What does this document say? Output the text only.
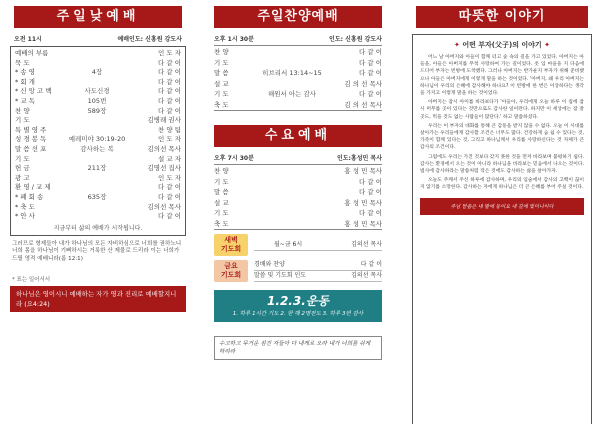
주일낮예배
오전 11시	예배인도: 신홍원 강도사
예배의 부름	인 도 자
묵 도	다 같 이
* 송 영	4장	다 같 이
* 회 개	다 같 이
* 신 앙 고 백	사도신경	다 같 이
* 교 독	105번	다 같 이
찬 양	589장	다 같 이
기 도	김병래 권사
특 별 영 주	찬 양 팀
성 경 봉 독	예레미야 30:19-20	인 도 자
말 씀 선 포	감사하는 복	김의선 목사
기 도	설 교 자
헌 금	211장	김명선 집사
광 고	인 도 자
환 영 / 교 제	다 같 이
* 폐 회 송	635장	다 같 이
* 축 도	김의선 목사
* 안 사	다 같 이
지금부터 삶의 예배가 시작됩니다.
그러므로 형제들아 내가 하나님의 모든 자비하심으로 너희를 권하노니 너희 몸을 하나님이 기뻐하시는 거룩한 산 제물로 드리라 이는 너희가 드릴 영적 예배니라(롬 12:1)
* 표는 일어서서
하나님은 영이시니 예배하는 자가 영과 진리로 예배할지니라 (요4:24)
주일찬양예배
오후 1시 30분	인도: 신홍원 강도사
찬 양	다 같 이
기 도	다 같 이
말 씀	히브리서 13:14~15	다 같 이
설 교	김 의 선 목사
기 도	해원서 아는 감사	다 같 이
축 도	김 의 선 목사
수요예배
오후 7시 30분	인도:홍성민 목사
찬 양	홍 성 민 목사
기 도	다 같 이
말 씀	다 같 이
설 교	홍 성 민 목사
기 도	다 같 이
축 도	홍 성 민 목사
새벽
기도회
월~금 6시	김의선 목사
금요
기도회
경배와 찬양	다 같 이
말씀 및 기도회 인도	김의선 목사
1.2.3.운동
1. 하루 1시간 기도 2. 한 해 2명전도 3. 하루 3번 감사
수고하고 무거운 짐진 자들아 다 내게로 오라 내가 너희를 쉬게 하리라
따뜻한 이야기
✦ 어떤 부자(父子)의 이야기 ✦

어느 날 아버지와 아들이 함께 터고 숲 속의 길을 가고 있었다. 아버지는 아들을, 아들은 아버지를 무척 사랑하여 가는 길이었다. 옷 입 마을을 지 다음에 드디어 부자는 빈방에 도착했다. 그러나 아버지는 반가운지 부자가 위해 준비했으나 아들은 아버지에게 이렇게 말을 하는 것이었다. '아버지, 왜 우리 아버지는 하나님이 우리의 은혜에 감사해야 하나요? 이 빈방에 한 번은 이상하다는 생각을 가지고 이렇게 말을 하는 것이었다.

아버지는 잠시 아이를 바라보다가 '아들아, 우리에게 오늘 하루 이 집에 잠시 머무를 곳이 있다는 것만으로도 감사한 일이란다. 하지만 이 세상에는 잠 잘 곳도, 먹을 것도 없는 사람들이 많단다.' 하고 말씀하셨다.

우리는 이 부자의 대화를 통해 큰 감동을 받지 않을 수 없다. 오늘 이 시대를 살아가는 우리들에게 감사할 조건은 너무도 많다. 건강하게 숨 쉴 수 있다는 것, 가족이 함께 있다는 것, 그리고 하나님께서 우리를 사랑하신다는 것 자체가 큰 감사의 조건이다.

그럼에도 우리는 가진 것보다 갖지 못한 것을 먼저 바라보며 불평하기 쉽다. 감사는 환경에서 오는 것이 아니라 하나님을 바라보는 믿음에서 나오는 것이다. 범사에 감사하라는 말씀처럼 작은 것에도 감사하는 삶을 살아가자.

오늘도 주께서 주신 하루에 감사하며, 우리의 입술에서 감사의 고백이 끊이지 않기를 소망한다. 감사하는 자에게 하나님은 더 큰 은혜를 부어 주실 것이다.

주님 말씀은 내 발에 등이요 내 길에 빛이니이다
